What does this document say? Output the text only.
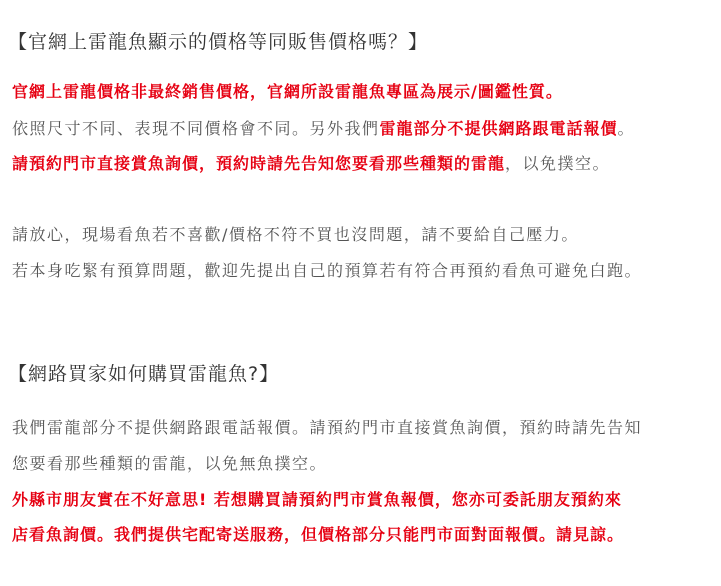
【官網上雷龍魚顯示的價格等同販售價格嗎？】
官網上雷龍價格非最終銷售價格，官網所設雷龍魚專區為展示/圖鑑性質。
依照尺寸不同、表現不同價格會不同。另外我們雷龍部分不提供網路跟電話報價。
請預約門市直接賞魚詢價，預約時請先告知您要看那些種類的雷龍，以免撲空。
請放心，現場看魚若不喜歡/價格不符不買也沒問題，請不要給自己壓力。
若本身吃緊有預算問題，歡迎先提出自己的預算若有符合再預約看魚可避免白跑。
【網路買家如何購買雷龍魚?】
我們雷龍部分不提供網路跟電話報價。請預約門市直接賞魚詢價，預約時請先告知
您要看那些種類的雷龍，以免無魚撲空。
外縣市朋友實在不好意思! 若想購買請預約門市賞魚報價，您亦可委託朋友預約來
店看魚詢價。我們提供宅配寄送服務，但價格部分只能門市面對面報價。請見諒。
